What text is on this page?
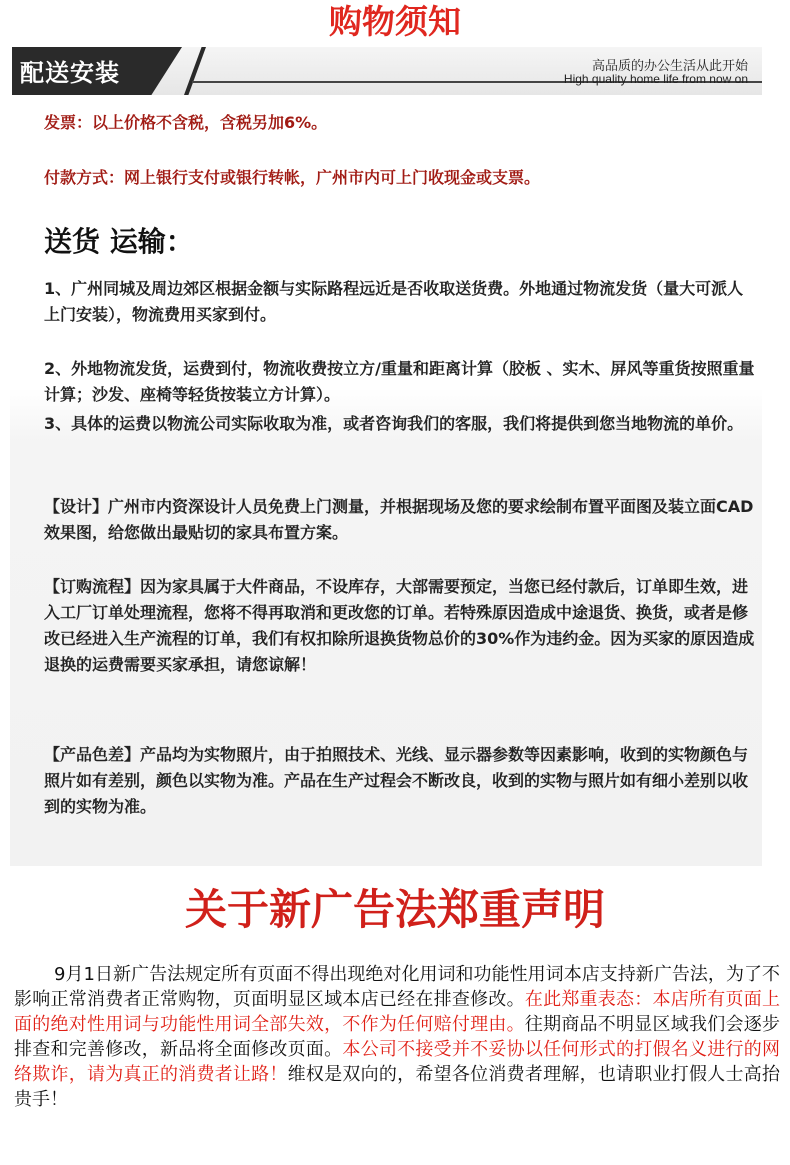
购物须知
配送安装	高品质的办公生活从此开始
High quality home life from now on

发票：以上价格不含税，含税另加6%。

付款方式：网上银行支付或银行转帐，广州市内可上门收现金或支票。

送货 运输：

1、广州同城及周边郊区根据金额与实际路程远近是否收取送货费。外地通过物流发货（量大可派人上门安装），物流费用买家到付。

2、外地物流发货，运费到付，物流收费按立方/重量和距离计算（胶板 、实木、屏风等重货按照重量计算；沙发、座椅等轻货按装立方计算）。

3、具体的运费以物流公司实际收取为准，或者咨询我们的客服，我们将提供到您当地物流的单价。

【设计】广州市内资深设计人员免费上门测量，并根据现场及您的要求绘制布置平面图及装立面CAD效果图，给您做出最贴切的家具布置方案。

【订购流程】因为家具属于大件商品，不设库存，大部需要预定，当您已经付款后，订单即生效，进入工厂订单处理流程，您将不得再取消和更改您的订单。若特殊原因造成中途退货、换货，或者是修改已经进入生产流程的订单，我们有权扣除所退换货物总价的30%作为违约金。因为买家的原因造成退换的运费需要买家承担，请您谅解！

【产品色差】产品均为实物照片，由于拍照技术、光线、显示器参数等因素影响，收到的实物颜色与照片如有差别，颜色以实物为准。产品在生产过程会不断改良，收到的实物与照片如有细小差别以收到的实物为准。

关于新广告法郑重声明

9月1日新广告法规定所有页面不得出现绝对化用词和功能性用词本店支持新广告法，为了不影响正常消费者正常购物，页面明显区域本店已经在排查修改。在此郑重表态：本店所有页面上面的绝对性用词与功能性用词全部失效，不作为任何赔付理由。往期商品不明显区域我们会逐步排查和完善修改，新品将全面修改页面。本公司不接受并不妥协以任何形式的打假名义进行的网络欺诈，请为真正的消费者让路！维权是双向的，希望各位消费者理解，也请职业打假人士高抬贵手！
